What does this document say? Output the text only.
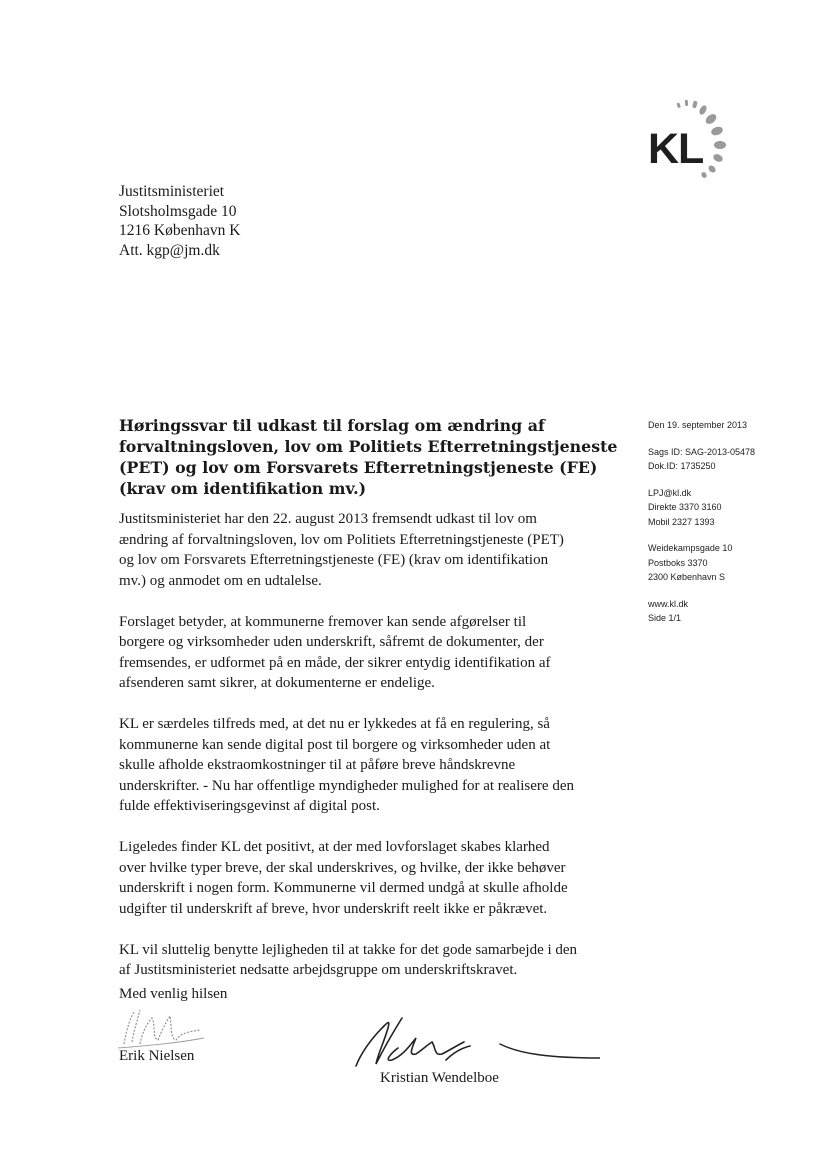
KL
Justitsministeriet
Slotsholmsgade 10
1216 København K
Att. kgp@jm.dk
Høringssvar til udkast til forslag om ændring af
forvaltningsloven, lov om Politiets Efterretningstjeneste
(PET) og lov om Forsvarets Efterretningstjeneste (FE)
(krav om identifikation mv.)

Justitsministeriet har den 22. august 2013 fremsendt udkast til lov om
ændring af forvaltningsloven, lov om Politiets Efterretningstjeneste (PET)
og lov om Forsvarets Efterretningstjeneste (FE) (krav om identifikation
mv.) og anmodet om en udtalelse.

Forslaget betyder, at kommunerne fremover kan sende afgørelser til
borgere og virksomheder uden underskrift, såfremt de dokumenter, der
fremsendes, er udformet på en måde, der sikrer entydig identifikation af
afsenderen samt sikrer, at dokumenterne er endelige.

KL er særdeles tilfreds med, at det nu er lykkedes at få en regulering, så
kommunerne kan sende digital post til borgere og virksomheder uden at
skulle afholde ekstraomkostninger til at påføre breve håndskrevne
underskrifter. - Nu har offentlige myndigheder mulighed for at realisere den
fulde effektiviseringsgevinst af digital post.

Ligeledes finder KL det positivt, at der med lovforslaget skabes klarhed
over hvilke typer breve, der skal underskrives, og hvilke, der ikke behøver
underskrift i nogen form. Kommunerne vil dermed undgå at skulle afholde
udgifter til underskrift af breve, hvor underskrift reelt ikke er påkrævet.

KL vil sluttelig benytte lejligheden til at takke for det gode samarbejde i den
af Justitsministeriet nedsatte arbejdsgruppe om underskriftskravet.

Den 19. september 2013
Sags ID: SAG-2013-05478
Dok.ID: 1735250
LPJ@kl.dk
Direkte 3370 3160
Mobil 2327 1393
Weidekampsgade 10
Postboks 3370
2300 København S
www.kl.dk
Side 1/1
Med venlig hilsen
Erik Nielsen
Kristian Wendelboe
